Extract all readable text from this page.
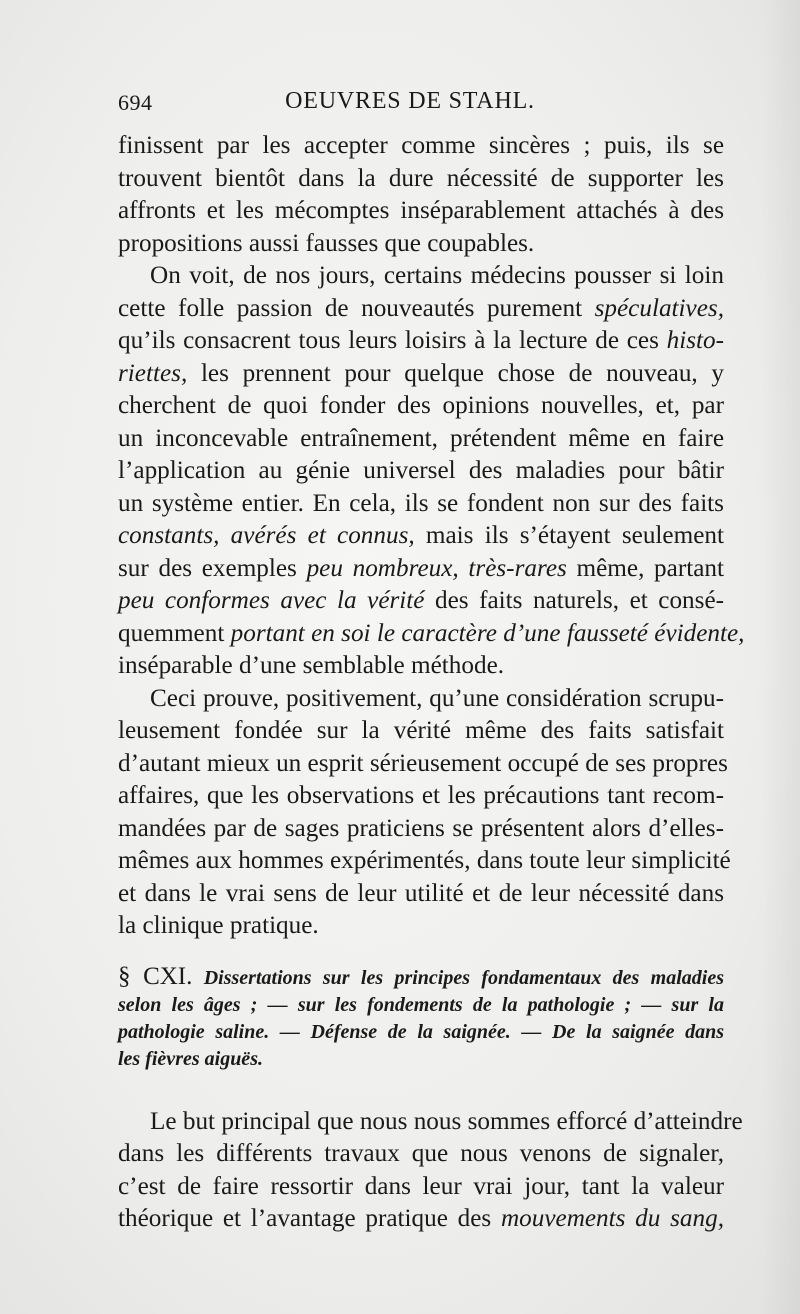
694	OEUVRES DE STAHL.

finissent par les accepter comme sincères ; puis, ils se
trouvent bientôt dans la dure nécessité de supporter les
affronts et les mécomptes inséparablement attachés à des
propositions aussi fausses que coupables.

On voit, de nos jours, certains médecins pousser si loin
cette folle passion de nouveautés purement spéculatives,
qu’ils consacrent tous leurs loisirs à la lecture de ces histo-
riettes, les prennent pour quelque chose de nouveau, y
cherchent de quoi fonder des opinions nouvelles, et, par
un inconcevable entraînement, prétendent même en faire
l’application au génie universel des maladies pour bâtir
un système entier. En cela, ils se fondent non sur des faits
constants, avérés et connus, mais ils s’étayent seulement
sur des exemples peu nombreux, très-rares même, partant
peu conformes avec la vérité des faits naturels, et consé-
quemment portant en soi le caractère d’une fausseté évidente,
inséparable d’une semblable méthode.

Ceci prouve, positivement, qu’une considération scrupu-
leusement fondée sur la vérité même des faits satisfait
d’autant mieux un esprit sérieusement occupé de ses propres
affaires, que les observations et les précautions tant recom-
mandées par de sages praticiens se présentent alors d’elles-
mêmes aux hommes expérimentés, dans toute leur simplicité
et dans le vrai sens de leur utilité et de leur nécessité dans
la clinique pratique.

§ CXI. Dissertations sur les principes fondamentaux des maladies
selon les âges ; — sur les fondements de la pathologie ; — sur la
pathologie saline. — Défense de la saignée. — De la saignée dans
les fièvres aiguës.

Le but principal que nous nous sommes efforcé d’atteindre
dans les différents travaux que nous venons de signaler,
c’est de faire ressortir dans leur vrai jour, tant la valeur
théorique et l’avantage pratique des mouvements du sang,
